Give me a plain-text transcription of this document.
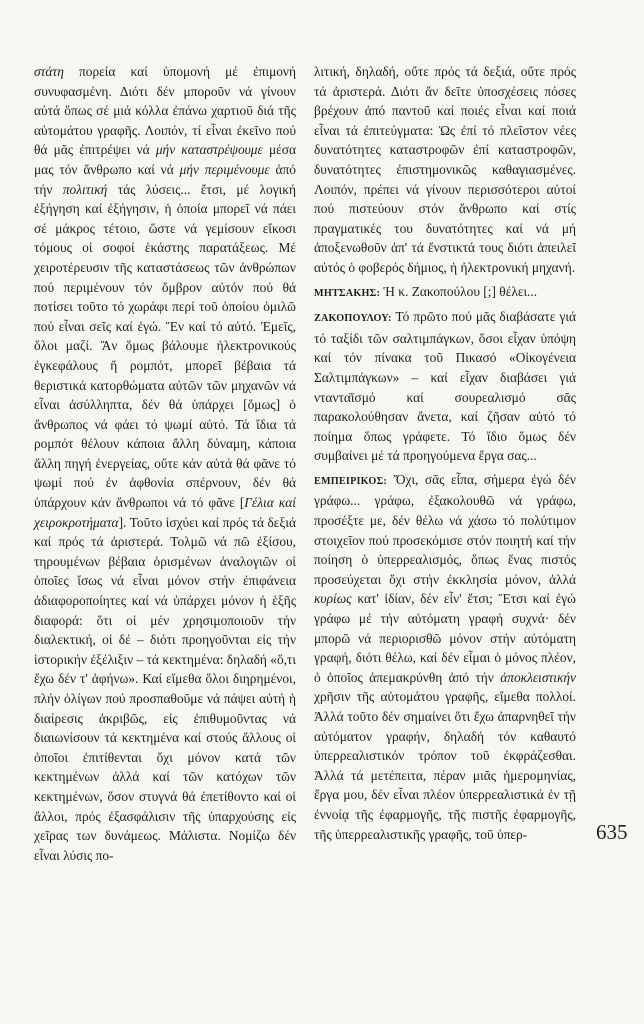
στάτη πορεία καί ὑπομονή μέ ἐπιμονή συνυφασμένη. Διότι δέν μποροῦν νά γίνουν αὐτά ὅπως σέ μιά κόλλα ἐπάνω χαρτιοῦ διά τῆς αὐτομάτου γραφῆς. Λοιπόν, τί εἶναι ἐκεῖνο πού θά μᾶς ἐπιτρέψει νά μήν καταστρέψουμε μέσα μας τόν ἄνθρωπο καί νά μήν περιμένουμε ἀπό τήν πολιτική τάς λύσεις... ἔτσι, μέ λογική ἐξήγηση καί ἐξήγησιν, ἡ ὁποία μπορεῖ νά πάει σέ μάκρος τέτοιο, ὥστε νά γεμίσουν εἴκοσι τόμους οἱ σοφοί ἑκάστης παρατάξεως. Μέ χειροτέρευσιν τῆς καταστάσεως τῶν ἀνθρώπων πού περιμένουν τόν ὄμβρον αὐτόν πού θά ποτίσει τοῦτο τό χωράφι περί τοῦ ὁποίου ὁμιλῶ πού εἶναι σεῖς καί ἐγώ. Ἔν καί τό αὐτό. Ἐμεῖς, ὅλοι μαζί. Ἄν ὅμως βάλουμε ἠλεκτρονικούς ἐγκεφάλους ἤ ρομπότ, μπορεῖ βέβαια τά θεριστικά κατορθώματα αὐτῶν τῶν μηχανῶν νά εἶναι ἀσύλληπτα, δέν θά ὑπάρχει [ὅμως] ὁ ἄνθρωπος νά φάει τό ψωμί αὐτό. Τά ἴδια τά ρομπότ θέλουν κάποια ἄλλη δύναμη, κάποια ἄλλη πηγή ἐνεργείας, οὔτε κάν αὐτά θά φᾶνε τό ψωμί πού ἐν ἀφθονία σπέρνουν, δέν θά ὑπάρχουν κάν ἄνθρωποι νά τό φᾶνε [Γέλια καί χειροκροτήματα]. Τοῦτο ἰσχύει καί πρός τά δεξιά καί πρός τά ἀριστερά. Τολμῶ νά πῶ ἐξίσου, τηρουμένων βέβαια ὁρισμένων ἀναλογιῶν οἱ ὁποῖες ἴσως νά εἶναι μόνον στήν ἐπιφάνεια ἀδιαφοροποίητες καί νά ὑπάρχει μόνον ἡ ἑξῆς διαφορά: ὅτι οἱ μέν χρησιμοποιοῦν τήν διαλεκτική, οἱ δέ – διότι προηγοῦνται εἰς τήν ἱστορικήν ἐξέλιξιν – τά κεκτημένα: δηλαδή «ὅ,τι ἔχω δέν τ' ἀφήνω». Καί εἴμεθα ὅλοι διηρημένοι, πλήν ὀλίγων πού προσπαθοῦμε νά πάψει αὐτή ἡ διαίρεσις ἀκριβῶς, εἰς ἐπιθυμοῦντας νά διαιωνίσουν τά κεκτημένα καί στούς ἄλλους οἱ ὁποῖοι ἐπιτίθενται ὄχι μόνον κατά τῶν κεκτημένων ἀλλά καί τῶν κατόχων τῶν κεκτημένων, ὅσον στυγνά θά ἐπετίθοντο καί οἱ ἄλλοι, πρός ἐξασφάλισιν τῆς ὑπαρχούσης εἰς χεῖρας των δυνάμεως. Μάλιστα. Νομίζω δέν εἶναι λύσις πο-

λιτική, δηλαδή, οὔτε πρός τά δεξιά, οὔτε πρός τά ἀριστερά. Διότι ἄν δεῖτε ὑποσχέσεις πόσες βρέχουν ἀπό παντοῦ καί ποιές εἶναι καί ποιά εἶναι τά ἐπιτεύγματα: Ὡς ἐπί τό πλεῖστον νέες δυνατότητες καταστροφῶν ἐπί καταστροφῶν, δυνατότητες ἐπιστημονικῶς καθαγιασμένες. Λοιπόν, πρέπει νά γίνουν περισσότεροι αὐτοί πού πιστεύουν στόν ἄνθρωπο καί στίς πραγματικές του δυνατότητες καί νά μή ἀποξενωθοῦν ἀπ' τά ἔνστικτά τους διότι ἀπειλεῖ αὐτός ὁ φοβερός δήμιος, ἡ ἠλεκτρονική μηχανή.

ΜΗΤΣΑΚΗΣ: Ἡ κ. Ζακοπούλου [;] θέλει...

ΖΑΚΟΠΟΥΛΟΥ: Τό πρῶτο πού μᾶς διαβάσατε γιά τό ταξίδι τῶν σαλτιμπάγκων, ὅσοι εἶχαν ὑπόψη καί τόν πίνακα τοῦ Πικασό «Οἰκογένεια Σαλτιμπάγκων» – καί εἶχαν διαβάσει γιά νταντα̈ϊσμό καί σουρεαλισμό σᾶς παρακολούθησαν ἄνετα, καί ζῆσαν αὐτό τό ποίημα ὅπως γράφετε. Τό ἴδιο ὅμως δέν συμβαίνει μέ τά προηγούμενα ἔργα σας...

ΕΜΠΕΙΡΙΚΟΣ: Ὄχι, σᾶς εἶπα, σήμερα ἐγώ δέν γράφω... γράφω, ἐξακολουθῶ νά γράφω, προσέξτε με, δέν θέλω νά χάσω τό πολύτιμον στοιχεῖον πού προσεκόμισε στόν ποιητή καί τήν ποίηση ὁ ὑπερρεαλισμός, ὅπως ἕνας πιστός προσεύχεται ὄχι στήν ἐκκλησία μόνον, ἀλλά κυρίως κατ' ἰδίαν, δέν εἶν' ἔτσι; Ἔτσι καί ἐγώ γράφω μέ τήν αὐτόματη γραφή συχνά· δέν μπορῶ νά περιορισθῶ μόνον στήν αὐτόματη γραφή, διότι θέλω, καί δέν εἶμαι ὁ μόνος πλέον, ὁ ὁποῖος ἀπεμακρύνθη ἀπό τήν ἀποκλειστικήν χρῆσιν τῆς αὐτομάτου γραφῆς, εἴμεθα πολλοί. Ἀλλά τοῦτο δέν σημαίνει ὅτι ἔχω ἀπαρνηθεῖ τήν αὐτόματον γραφήν, δηλαδή τόν καθαυτό ὑπερρεαλιστικόν τρόπον τοῦ ἐκφράζεσθαι. Ἀλλά τά μετέπειτα, πέραν μιᾶς ἡμερομηνίας, ἔργα μου, δέν εἶναι πλέον ὑπερρεαλιστικά ἐν τῇ ἐννοίᾳ τῆς ἐφαρμογῆς, τῆς πιστῆς ἐφαρμογῆς, τῆς ὑπερρεαλιστικῆς γραφῆς, τοῦ ὑπερ-	635
